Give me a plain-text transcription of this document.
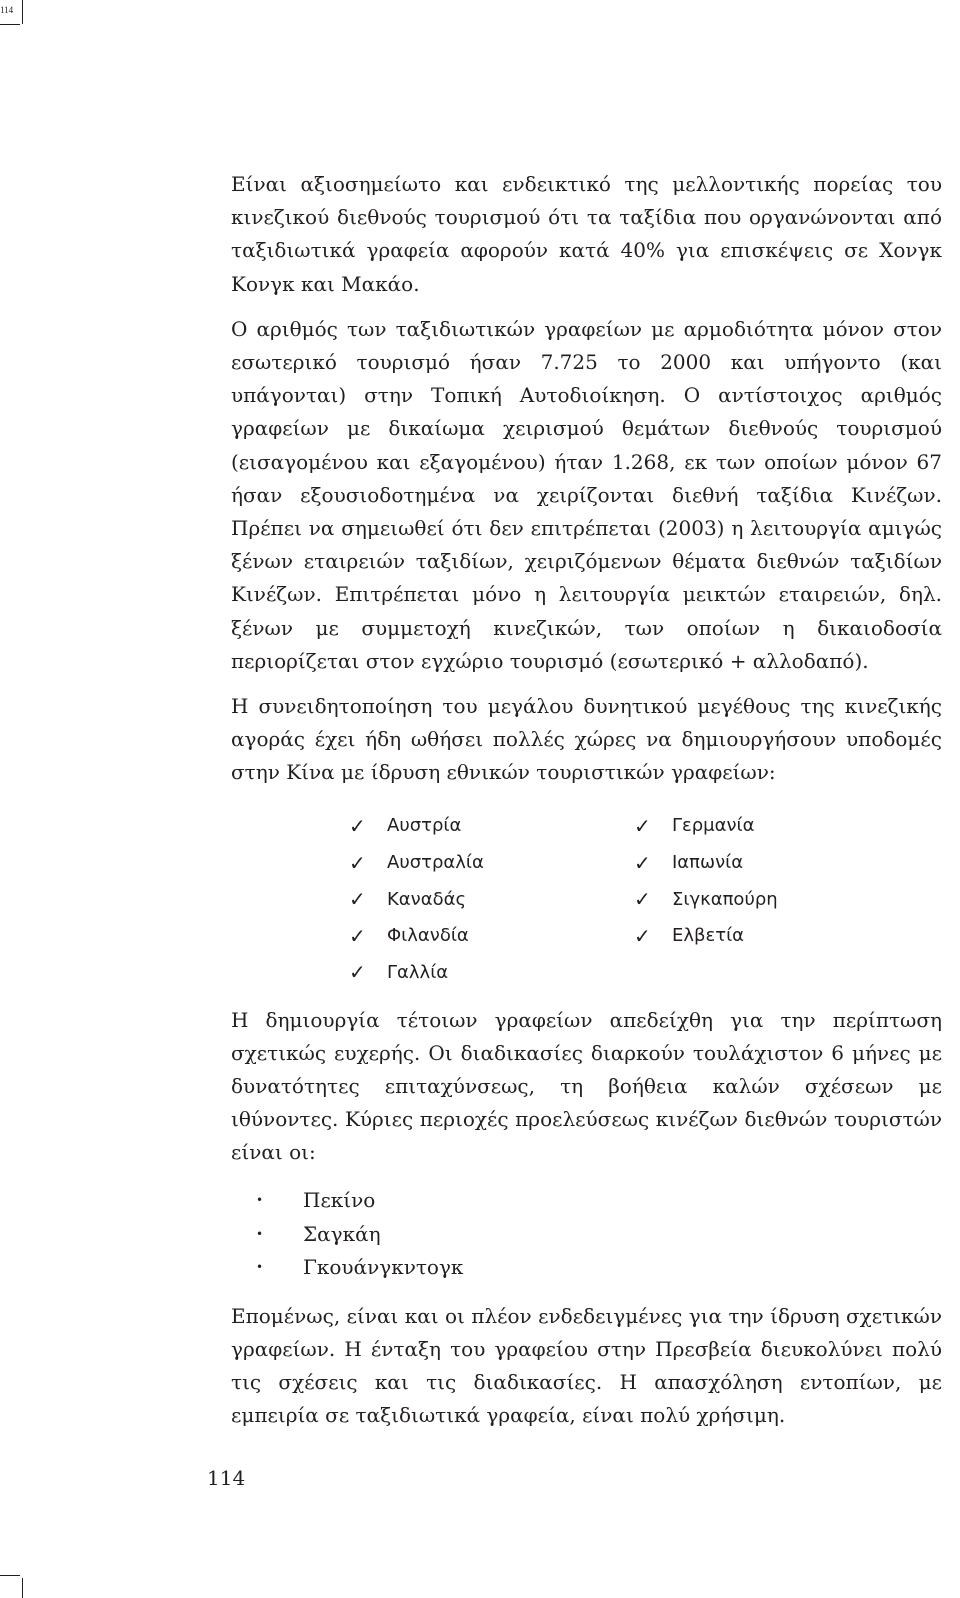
114

Είναι αξιοσημείωτο και ενδεικτικό της μελλοντικής πορείας του κινεζικού διεθνούς τουρισμού ότι τα ταξίδια που οργανώνονται από ταξιδιωτικά γραφεία αφορούν κατά 40% για επισκέψεις σε Χονγκ Κονγκ και Μακάο.

Ο αριθμός των ταξιδιωτικών γραφείων με αρμοδιότητα μόνον στον εσωτερικό τουρισμό ήσαν 7.725 το 2000 και υπήγοντο (και υπάγονται) στην Τοπική Αυτοδιοίκηση. Ο αντίστοιχος αριθμός γραφείων με δικαίωμα χειρισμού θεμάτων διεθνούς τουρισμού (εισαγομένου και εξαγομένου) ήταν 1.268, εκ των οποίων μόνον 67 ήσαν εξουσιοδοτημένα να χειρίζονται διεθνή ταξίδια Κινέζων. Πρέπει να σημειωθεί ότι δεν επιτρέπεται (2003) η λειτουργία αμιγώς ξένων εταιρειών ταξιδίων, χειριζόμενων θέματα διεθνών ταξιδίων Κινέζων. Επιτρέπεται μόνο η λειτουργία μεικτών εταιρειών, δηλ. ξένων με συμμετοχή κινεζικών, των οποίων η δικαιοδοσία περιορίζεται στον εγχώριο τουρισμό (εσωτερικό + αλλοδαπό).

Η συνειδητοποίηση του μεγάλου δυνητικού μεγέθους της κινεζικής αγοράς έχει ήδη ωθήσει πολλές χώρες να δημιουργήσουν υποδομές στην Κίνα με ίδρυση εθνικών τουριστικών γραφείων:

✓	Αυστρία
✓	Αυστραλία
✓	Καναδάς
✓	Φιλανδία
✓	Γαλλία
✓	Γερμανία
✓	Ιαπωνία
✓	Σιγκαπούρη
✓	Ελβετία

Η δημιουργία τέτοιων γραφείων απεδείχθη για την περίπτωση σχετικώς ευχερής. Οι διαδικασίες διαρκούν τουλάχιστον 6 μήνες με δυνατότητες επιταχύνσεως, τη βοήθεια καλών σχέσεων με ιθύνοντες. Κύριες περιοχές προελεύσεως κινέζων διεθνών τουριστών είναι οι:

•	Πεκίνο
•	Σαγκάη
•	Γκουάνγκντογκ

Επομένως, είναι και οι πλέον ενδεδειγμένες για την ίδρυση σχετικών γραφείων. Η ένταξη του γραφείου στην Πρεσβεία διευκολύνει πολύ τις σχέσεις και τις διαδικασίες. Η απασχόληση εντοπίων, με εμπειρία σε ταξιδιωτικά γραφεία, είναι πολύ χρήσιμη.

114
